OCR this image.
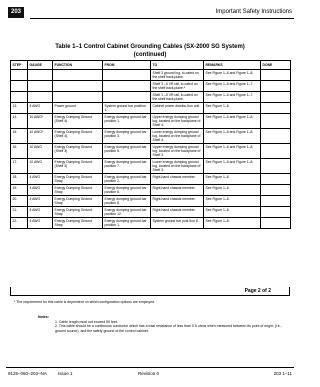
203	Important Safety Instructions
Table 1–1 Control Cabinet Grounding Cables (SX-2000 SG System)
(continued)
STEP	GAUGE	FUNCTION	FROM	TO	REMARKS	DONE
				Shelf 3 ground lug, lo-cated on the shelf back-plane.	See Figure 1–6 and Figure 1–8.	
				Shelf 3 –5 VR rail, lo-cated on the shelf back-plane.*	See Figure 1–6 and Figure 1–7.	
				Shelf 1 –5 VR rail, lo-cated on the shelf back-plane.	See Figure 1–6 and Figure 1–7.	
13.	4 AWG	Power ground	System ground bar position 1.	Cabinet power distribu-tion unit	See Figure 1–6.	
14.	10 AWG*	Energy Dumping Ground (Shelf 4)	Energy dumping ground bar position 1.	Upper energy dumping ground lug, located on the backplane of Shelf 4.	See Figure 1–6 and Figure 1–8.	
15.	10 AWG*	Energy Dumping Ground (Shelf 4)	Energy dumping ground bar position 3.	Lower energy dumping ground lug, located on the backplane of Shelf 4.	See Figure 1–6 and Figure 1–8.	
16.	10 AWG	Energy Dumping Ground (Shelf 3)	Energy dumping ground bar position 5.	Upper energy dumping ground lug, located on the backplane of Shelf 3.	See Figure 1–6 and Figure 1–8.	
17.	10 AWG	Energy Dumping Ground (Shelf 3)	Energy dumping ground bar position 7.	Lower energy dumping ground lug, located on the backplane of Shelf 3.	See Figure 1–6 and Figure 1–8.	
18.	4 AWG	Energy Dumping Ground Strap	Energy dumping ground bar position 2.	Right-hand chassis member.	See Figure 1–6.	
19.	4 AWG	Energy Dumping Ground Strap	Energy dumping ground bar position 6.	Right-hand chassis member.	See Figure 1–6.	
20.	4 AWG	Energy Dumping Ground Strap	Energy dumping ground bar position 8.	Right-hand chassis member.	See Figure 1–6.	
21.	4 AWG	Energy Dumping Ground Strap	Energy dumping ground bar position 12.	Right-hand chassis member.	See Figure 1–6.	
22.	4 AWG	Energy Dumping Ground Strap	Energy dumping ground bar position 1.	System ground bar posi-tion 8.	See Figure 1–6.	
Page 2 of 2
* The requirement for this cable is dependent on which configuration options are employed.
Notes:
1. Cable length must not exceed 50 feet.
2. This cable should be a continuous conductor which has a total resistance of less than 0.5 ohms when measured between its point of origin; (i.e., ground source), and the safety ground of the control cabinet.
9125–060–203–NA Issue 1	Revision 0	203 1–11
